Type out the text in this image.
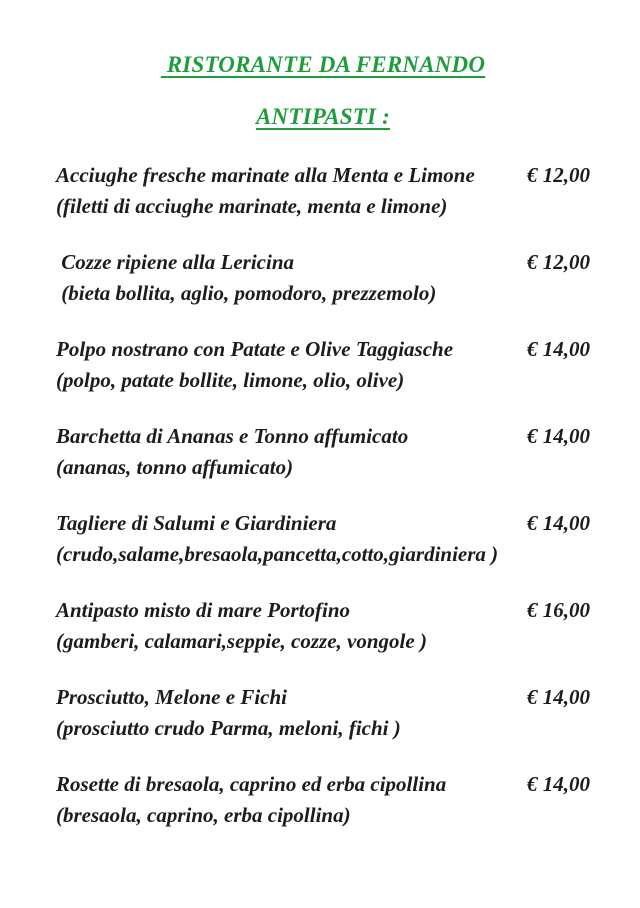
RISTORANTE DA FERNANDO
ANTIPASTI :
Acciughe fresche marinate alla Menta e Limone	€ 12,00
(filetti di acciughe marinate, menta e limone)
Cozze ripiene alla Lericina	€ 12,00
(bieta bollita, aglio, pomodoro, prezzemolo)
Polpo nostrano con Patate e Olive Taggiasche	€ 14,00
(polpo, patate bollite, limone, olio, olive)
Barchetta di Ananas e Tonno affumicato	€ 14,00
(ananas, tonno affumicato)
Tagliere di Salumi e Giardiniera	€ 14,00
(crudo,salame,bresaola,pancetta,cotto,giardiniera )
Antipasto misto di mare Portofino	€ 16,00
(gamberi, calamari,seppie, cozze, vongole )
Prosciutto, Melone e Fichi	€ 14,00
(prosciutto crudo Parma, meloni, fichi )
Rosette di bresaola, caprino ed erba cipollina	€ 14,00
(bresaola, caprino, erba cipollina)
